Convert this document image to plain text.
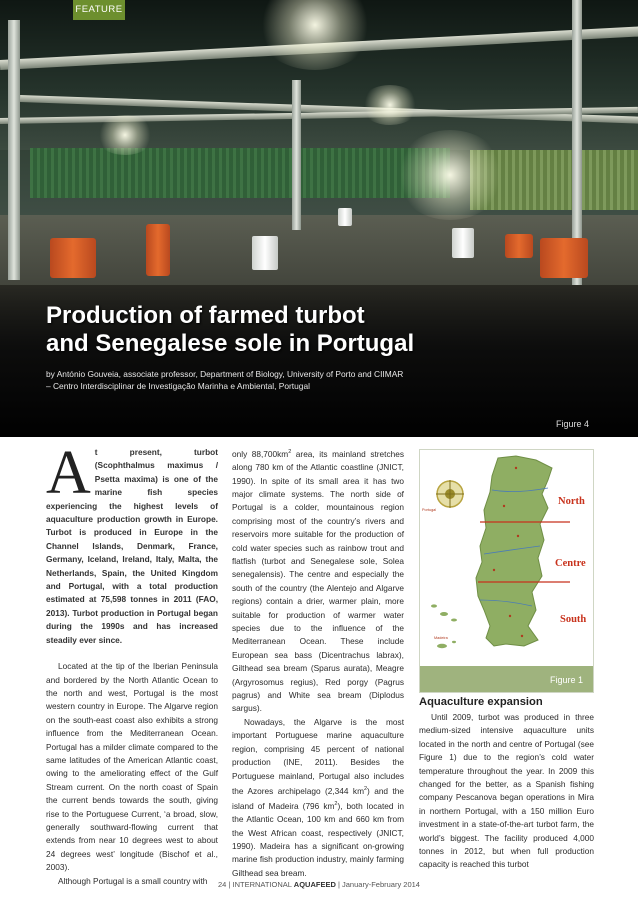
FEATURE
Production of farmed turbot
and Senegalese sole in Portugal
by António Gouveia, associate professor, Department of Biology, University of Porto and CIIMAR
– Centro Interdisciplinar de Investigação Marinha e Ambiental, Portugal
Figure 4

At present, turbot (Scophthalmus maximus / Psetta maxima) is one of the marine fish species experiencing the highest levels of aquaculture production growth in Europe. Turbot is produced in Europe in the Channel Islands, Denmark, France, Germany, Iceland, Ireland, Italy, Malta, the Netherlands, Spain, the United Kingdom and Portugal, with a total production estimated at 75,598 tonnes in 2011 (FAO, 2013). Turbot production in Portugal began during the 1990s and has increased steadily ever since.

Located at the tip of the Iberian Peninsula and bordered by the North Atlantic Ocean to the north and west, Portugal is the most western country in Europe. The Algarve region on the south-east coast also exhibits a strong influence from the Mediterranean Ocean. Portugal has a milder climate compared to the same latitudes of the American Atlantic coast, owing to the ameliorating effect of the Gulf Stream current. On the north coast of Spain the current bends towards the south, giving rise to the Portuguese Current, ‘a broad, slow, generally southward-flowing current that extends from near 10 degrees west to about 24 degrees west’ longitude (Bischof et al., 2003).

Although Portugal is a small country with

only $88,700km^2$ area, its mainland stretches along 780 km of the Atlantic coastline (JNICT, 1990). In spite of its small area it has two major climate systems. The north side of Portugal is a colder, mountainous region comprising most of the country’s rivers and reservoirs more suitable for the production of cold water species such as rainbow trout and flatfish (turbot and Senegalese sole, Solea senegalensis). The centre and especially the south of the country (the Alentejo and Algarve regions) contain a drier, warmer plain, more suitable for production of warmer water species due to the influence of the Mediterranean Ocean. These include European sea bass (Dicentrachus labrax), Gilthead sea bream (Sparus aurata), Meagre (Argyrosomus regius), Red porgy (Pagrus pagrus) and White sea bream (Diplodus sargus).

Nowadays, the Algarve is the most important Portuguese marine aquaculture region, comprising 45 percent of national production (INE, 2011). Besides the Portuguese mainland, Portugal also includes the Azores archipelago (2,344 $km^2$) and the island of Madeira (796 $km^2$), both located in the Atlantic Ocean, 100 km and 660 km from the West African coast, respectively (JNICT, 1990). Madeira has a significant on-growing marine fish production industry, mainly farming Gilthead sea bream.

Portugal
Madeira
North
Centre
South
Figure 1
Aquaculture expansion

Until 2009, turbot was produced in three medium-sized intensive aquaculture units located in the north and centre of Portugal (see Figure 1) due to the region’s cold water temperature throughout the year. In 2009 this changed for the better, as a Spanish fishing company Pescanova began operations in Mira in northern Portugal, with a 150 million Euro investment in a state-of-the-art turbot farm, the world’s biggest. The facility produced 4,000 tonnes in 2012, but when full production capacity is reached this turbot

24 | INTERNATIONAL AQUAFEED | January-February 2014
